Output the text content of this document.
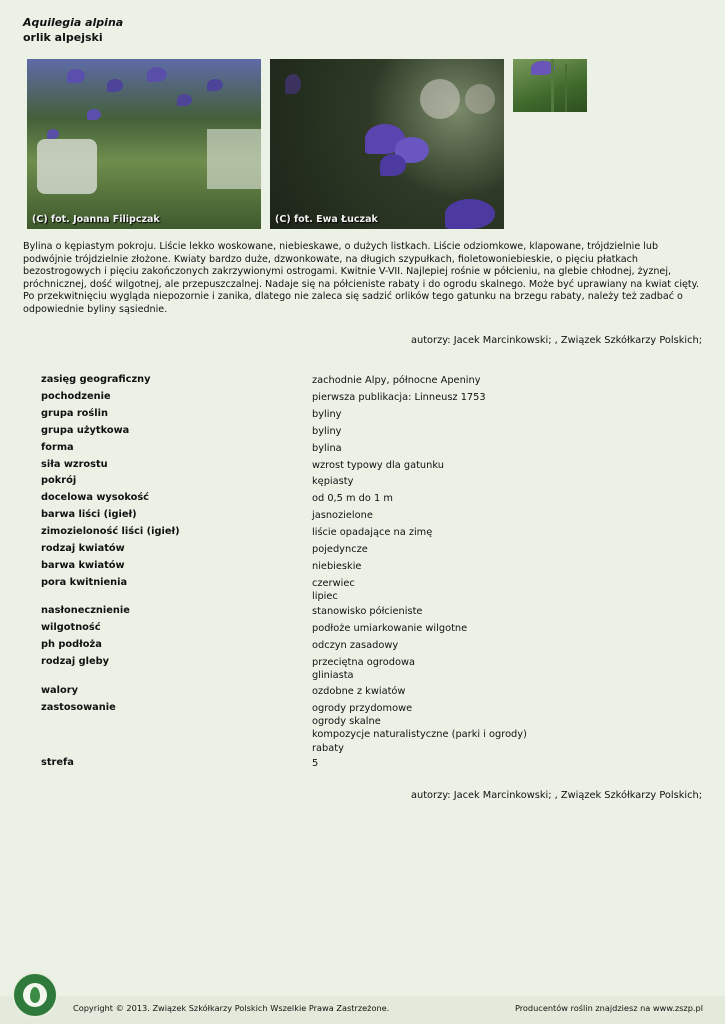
Aquilegia alpina
orlik alpejski
(C) fot. Joanna Filipczak	(C) fot. Ewa Łuczak
Bylina o kępiastym pokroju. Liście lekko woskowane, niebieskawe, o dużych listkach. Liście odziomkowe, klapowane, trójdzielnie lub podwójnie trójdzielnie złożone. Kwiaty bardzo duże, dzwonkowate, na długich szypułkach, fioletowoniebieskie, o pięciu płatkach bezostrogowych i pięciu zakończonych zakrzywionymi ostrogami. Kwitnie V-VII. Najlepiej rośnie w półcieniu, na glebie chłodnej, żyznej, próchnicznej, dość wilgotnej, ale przepuszczalnej. Nadaje się na półcieniste rabaty i do ogrodu skalnego. Może być uprawiany na kwiat cięty. Po przekwitnięciu wygląda niepozornie i zanika, dlatego nie zaleca się sadzić orlików tego gatunku na brzegu rabaty, należy też zadbać o odpowiednie byliny sąsiednie.
autorzy: Jacek Marcinkowski; , Związek Szkółkarzy Polskich;
zasięg geograficzny	zachodnie Alpy, północne Apeniny
pochodzenie	pierwsza publikacja: Linneusz 1753
grupa roślin	byliny
grupa użytkowa	byliny
forma	bylina
siła wzrostu	wzrost typowy dla gatunku
pokrój	kępiasty
docelowa wysokość	od 0,5 m do 1 m
barwa liści (igieł)	jasnozielone
zimozieloność liści (igieł)	liście opadające na zimę
rodzaj kwiatów	pojedyncze
barwa kwiatów	niebieskie
pora kwitnienia	czerwiec
lipiec
nasłonecznienie	stanowisko półcieniste
wilgotność	podłoże umiarkowanie wilgotne
ph podłoża	odczyn zasadowy
rodzaj gleby	przeciętna ogrodowa
gliniasta
walory	ozdobne z kwiatów
zastosowanie	ogrody przydomowe
ogrody skalne
kompozycje naturalistyczne (parki i ogrody)
rabaty
strefa	5
autorzy: Jacek Marcinkowski; , Związek Szkółkarzy Polskich;
Copyright © 2013. Związek Szkółkarzy Polskich Wszelkie Prawa Zastrzeżone.	Producentów roślin znajdziesz na www.zszp.pl
